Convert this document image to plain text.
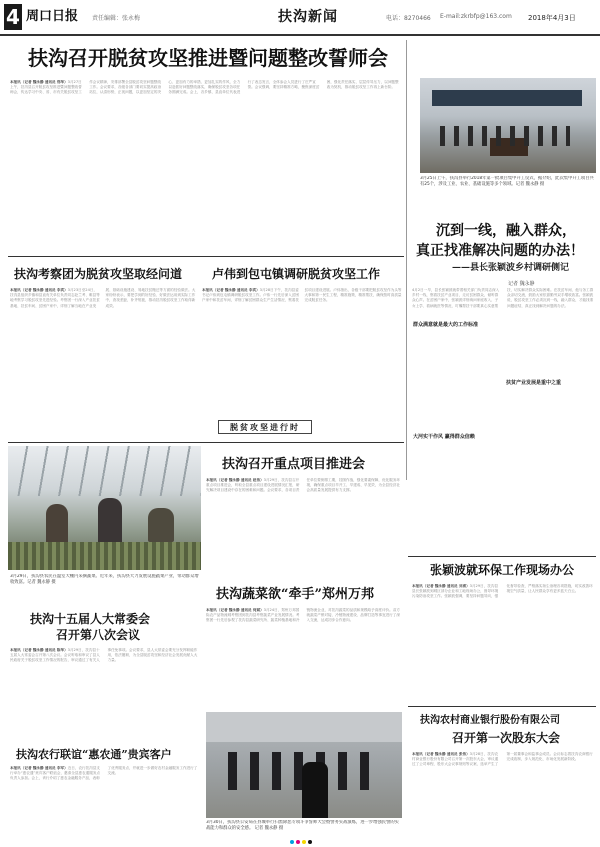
4 周口日报 责任编辑：张永梅	扶沟新闻	电话：8270466 E-mail:zkrbfp@163.com 2018年4月3日
扶沟召开脱贫攻坚推进暨问题整改誓师会
本报讯（记者 魏永静 通讯员 郑华）3月27日上午，扶沟县召开脱贫攻坚推进暨问题整改誓师会，传达学习中央、省、市有关脱贫攻坚工作会议精神，安排部署全县脱贫攻坚问题整改工作。会议要求，各级各部门要切实提高政治站位，认清形势，正视问题，以更加坚定的决心、更加有力的举措、更加扎实的作风，全力以赴抓好问题整改落实，确保脱贫攻坚各项任务圆满完成。会上，各乡镇、县直单位代表进行了表态发言，全体参会人员进行了庄严宣誓。会议强调，要坚持精准方略，聚焦深度贫困，强化责任落实，层层传导压力，以问题整改为契机，推动脱贫攻坚工作再上新台阶。
3月25日上午，扶沟县举行2018年第一批项目集中开工仪式，据介绍，此次集中开工项目共有25个，涉及工业、农业、基础设施等多个领域。记者 魏永静 摄
沉到一线，融入群众，
真正找准解决问题的办法！
——县长张颖波乡村调研侧记
记者 魏永静
4月2日一早，县长张颖波就带着相关部门负责同志深入乡村一线，察看扶贫产业项目，走访贫困群众，倾听群众心声。在贫困户家中，张颖波详细询问家庭收入、子女上学、看病就医等情况，叮嘱帮扶干部要真心实意帮扶，切实解决群众实际困难。在扶贫车间，他与务工群众亲切交流，鼓励大家依靠勤劳双手增收致富。张颖波说，脱贫攻坚工作必须沉到一线，融入群众，才能找准问题症结，真正找到解决问题的办法。
群众满意就是最大的工作标准
扶贫产业发展是重中之重
大河实干作风 赢得群众信赖
扶沟考察团为脱贫攻坚取经问道
本报讯（记者 魏永静 通讯员 李宾）3月23日至24日，扶沟县组织乡镇和县直有关单位负责同志赴兰考、睢县等地考察学习脱贫攻坚先进经验。考察团一行深入产业扶贫基地、扶贫车间、贫困户家中，详细了解当地在产业发展、基础设施建设、易地扶贫搬迁等方面的经验做法。大家纷纷表示，要把学到的好经验、好做法运用到实际工作中，查找差距，补齐短板，推动扶沟脱贫攻坚工作取得新成效。
卢伟到包屯镇调研脱贫攻坚工作
本报讯（记者 魏永静 通讯员 李宾）3月28日下午，扶沟县委书记卢伟到包屯镇调研脱贫攻坚工作。卢伟一行先后深入贫困户家中和扶贫车间，详细了解贫困群众生产生活情况，察看扶贫项目建设进展。卢伟指出，各级干部要把脱贫攻坚作为头等大事和第一民生工程，精准施策，精准帮扶，确保按时高质量完成脱贫任务。
脱贫攻坚进行时
3月29日，扶沟县农民在温室大棚内采摘蔬菜。近年来，扶沟县大力发展设施蔬菜产业，带动群众增收致富。记者 魏永静 摄
扶沟召开重点项目推进会
本报讯（记者 魏永静 通讯员 赵伟）3月29日，扶沟县召开重点项目推进会，听取全县重点项目建设进展情况汇报，研究解决项目建设中存在的困难和问题。会议要求，各项目责任单位要倒排工期，挂图作战，强化要素保障，优化服务环境，确保重点项目早开工、早建成、早见效，为全县经济社会高质量发展提供有力支撑。
扶沟蔬菜欲“牵手”郑州万邦
本报讯（记者 魏永静 通讯员 何斌）3月24日，郑州万邦国际农产品物流城考察团到扶沟县考察蔬菜产业发展情况。考察团一行先后参观了扶沟县蔬菜研究所、蔬菜种植基地和冷链物流企业，对扶沟蔬菜的品质和规模给予高度评价。双方就蔬菜产销对接、冷链物流建设、品牌打造等事宜进行了深入交流，达成初步合作意向。
扶沟十五届人大常委会
召开第八次会议
本报讯（记者 魏永静 通讯员 陈华）3月29日，扶沟县十五届人大常委会召开第八次会议。会议听取和审议了县人民政府关于脱贫攻坚工作情况的报告，审议通过了有关人事任免事项。会议要求，县人大常委会要充分发挥职能作用，依法履职，为全县脱贫攻坚和经济社会发展贡献人大力量。
扶沟农行联谊“惠农通”贵宾客户
本报讯（记者 魏永静 通讯员 李军）近日，农行扶沟县支行举办“惠农通”贵宾客户联谊会，邀请全县惠农通服务点负责人参加。会上，该行介绍了惠农金融服务产品，表彰了优秀服务点，并就进一步做好农村金融服务工作进行了交流。
3月30日，扶沟县公安局在县城举行扫黑除恶专项斗争誓师大会暨警务实战演练，进一步增强民警的实战能力和群众的安全感。 记者 魏永静 摄
张颖波就环保工作现场办公
本报讯（记者 魏永静 通讯员 刘勇）3月29日，扶沟县县长张颖波到城区部分企业和工地现场办公，督导环境污染防治攻坚工作。张颖波强调，要坚持问题导向，强化督导检查，严格落实扬尘治理各项措施，切实改善环境空气质量，让人民群众享有更多蓝天白云。
扶沟农村商业银行股份有限公司
召开第一次股东大会
本报讯（记者 魏永静 通讯员 张伟）3月28日，扶沟农村商业银行股份有限公司召开第一次股东大会，审议通过了公司章程、股东大会议事规则等议案，选举产生了第一届董事会和监事会成员。会议标志着扶沟农商银行完成改制，步入规范化、市场化发展新阶段。
